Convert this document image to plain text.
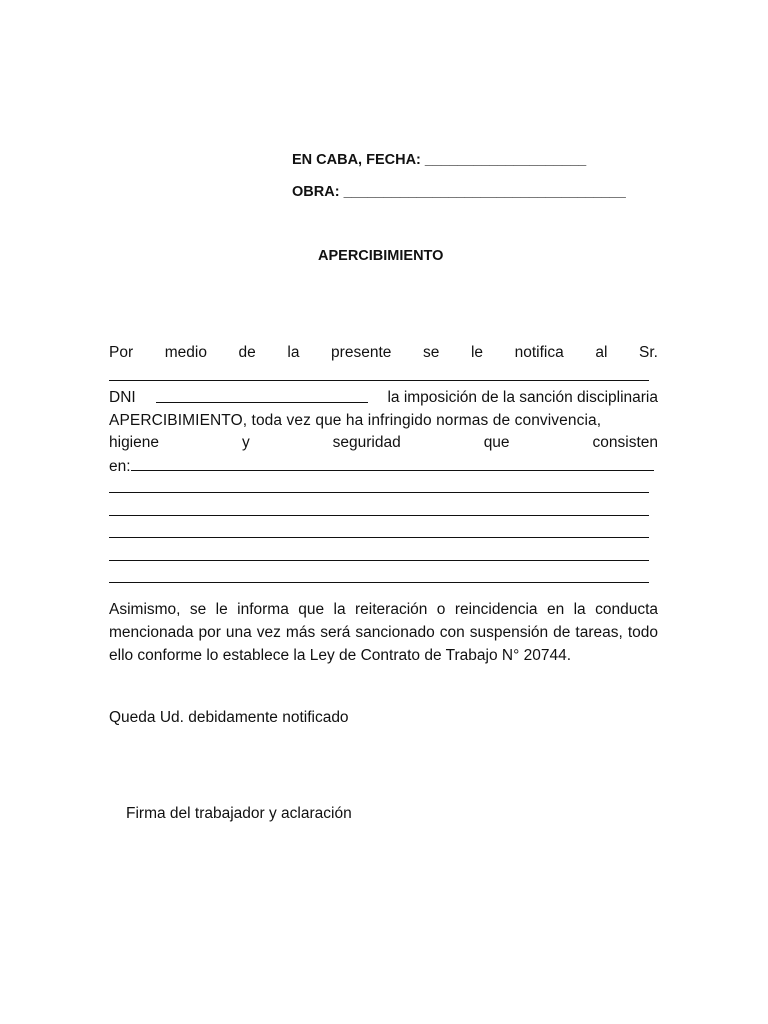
EN CABA, FECHA: ____________________
OBRA: ___________________________________
APERCIBIMIENTO
Por medio de la presente se le notifica al Sr.
DNI	la imposición de la sanción disciplinaria
APERCIBIMIENTO, toda vez que ha infringido normas de convivencia,
higiene	y	seguridad	que	consisten
en:
Asimismo, se le informa que la reiteración o reincidencia en la conducta mencionada por una vez más será sancionado con suspensión de tareas, todo ello conforme lo establece la Ley de Contrato de Trabajo N° 20744.
Queda Ud. debidamente notificado
Firma del trabajador y aclaración
